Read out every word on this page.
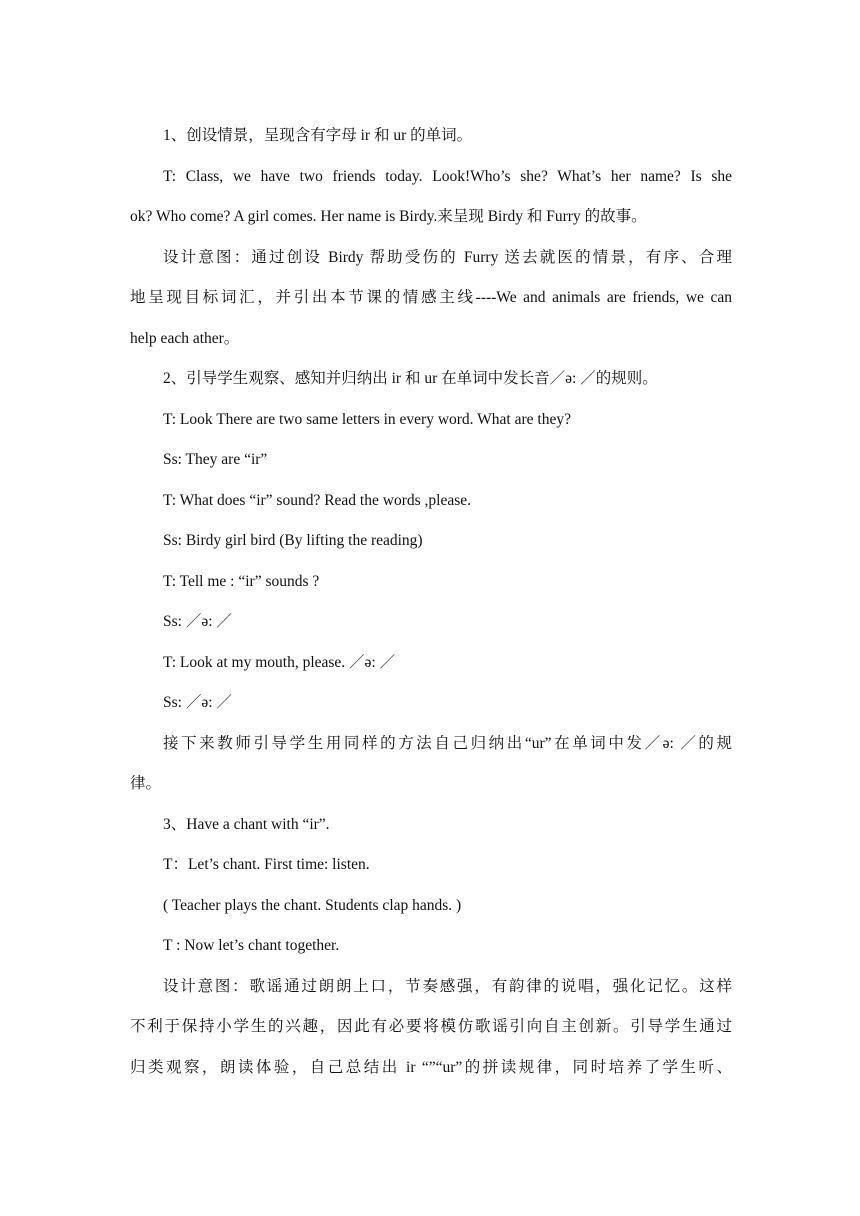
1、创设情景，呈现含有字母 ir 和 ur 的单词。

T: Class, we have two friends today. Look!Who’s she? What’s her name? Is she

ok? Who come? A girl comes. Her name is Birdy.来呈现 Birdy 和 Furry 的故事。

设计意图：通过创设 Birdy 帮助受伤的 Furry 送去就医的情景，有序、合理

地呈现目标词汇，并引出本节课的情感主线----We and animals are friends, we can

help each ather。

2、引导学生观察、感知并归纳出 ir 和 ur 在单词中发长音／ə: ／的规则。

T: Look There are two same letters in every word. What are they?

Ss: They are “ir”

T: What does “ir” sound? Read the words ,please.

Ss: Birdy girl bird (By lifting the reading)

T: Tell me : “ir” sounds ?

Ss: ／ə: ／

T: Look at my mouth, please. ／ə: ／

Ss: ／ə: ／

接下来教师引导学生用同样的方法自己归纳出“ur”在单词中发／ə: ／的规

律。

3、Have a chant with “ir”.

T：Let’s chant. First time: listen.

( Teacher plays the chant. Students clap hands. )

T : Now let’s chant together.

设计意图：歌谣通过朗朗上口，节奏感强，有韵律的说唱，强化记忆。这样

不利于保持小学生的兴趣，因此有必要将模仿歌谣引向自主创新。引导学生通过

归类观察，朗读体验，自己总结出 ir “”“ur”的拼读规律，同时培养了学生听、
